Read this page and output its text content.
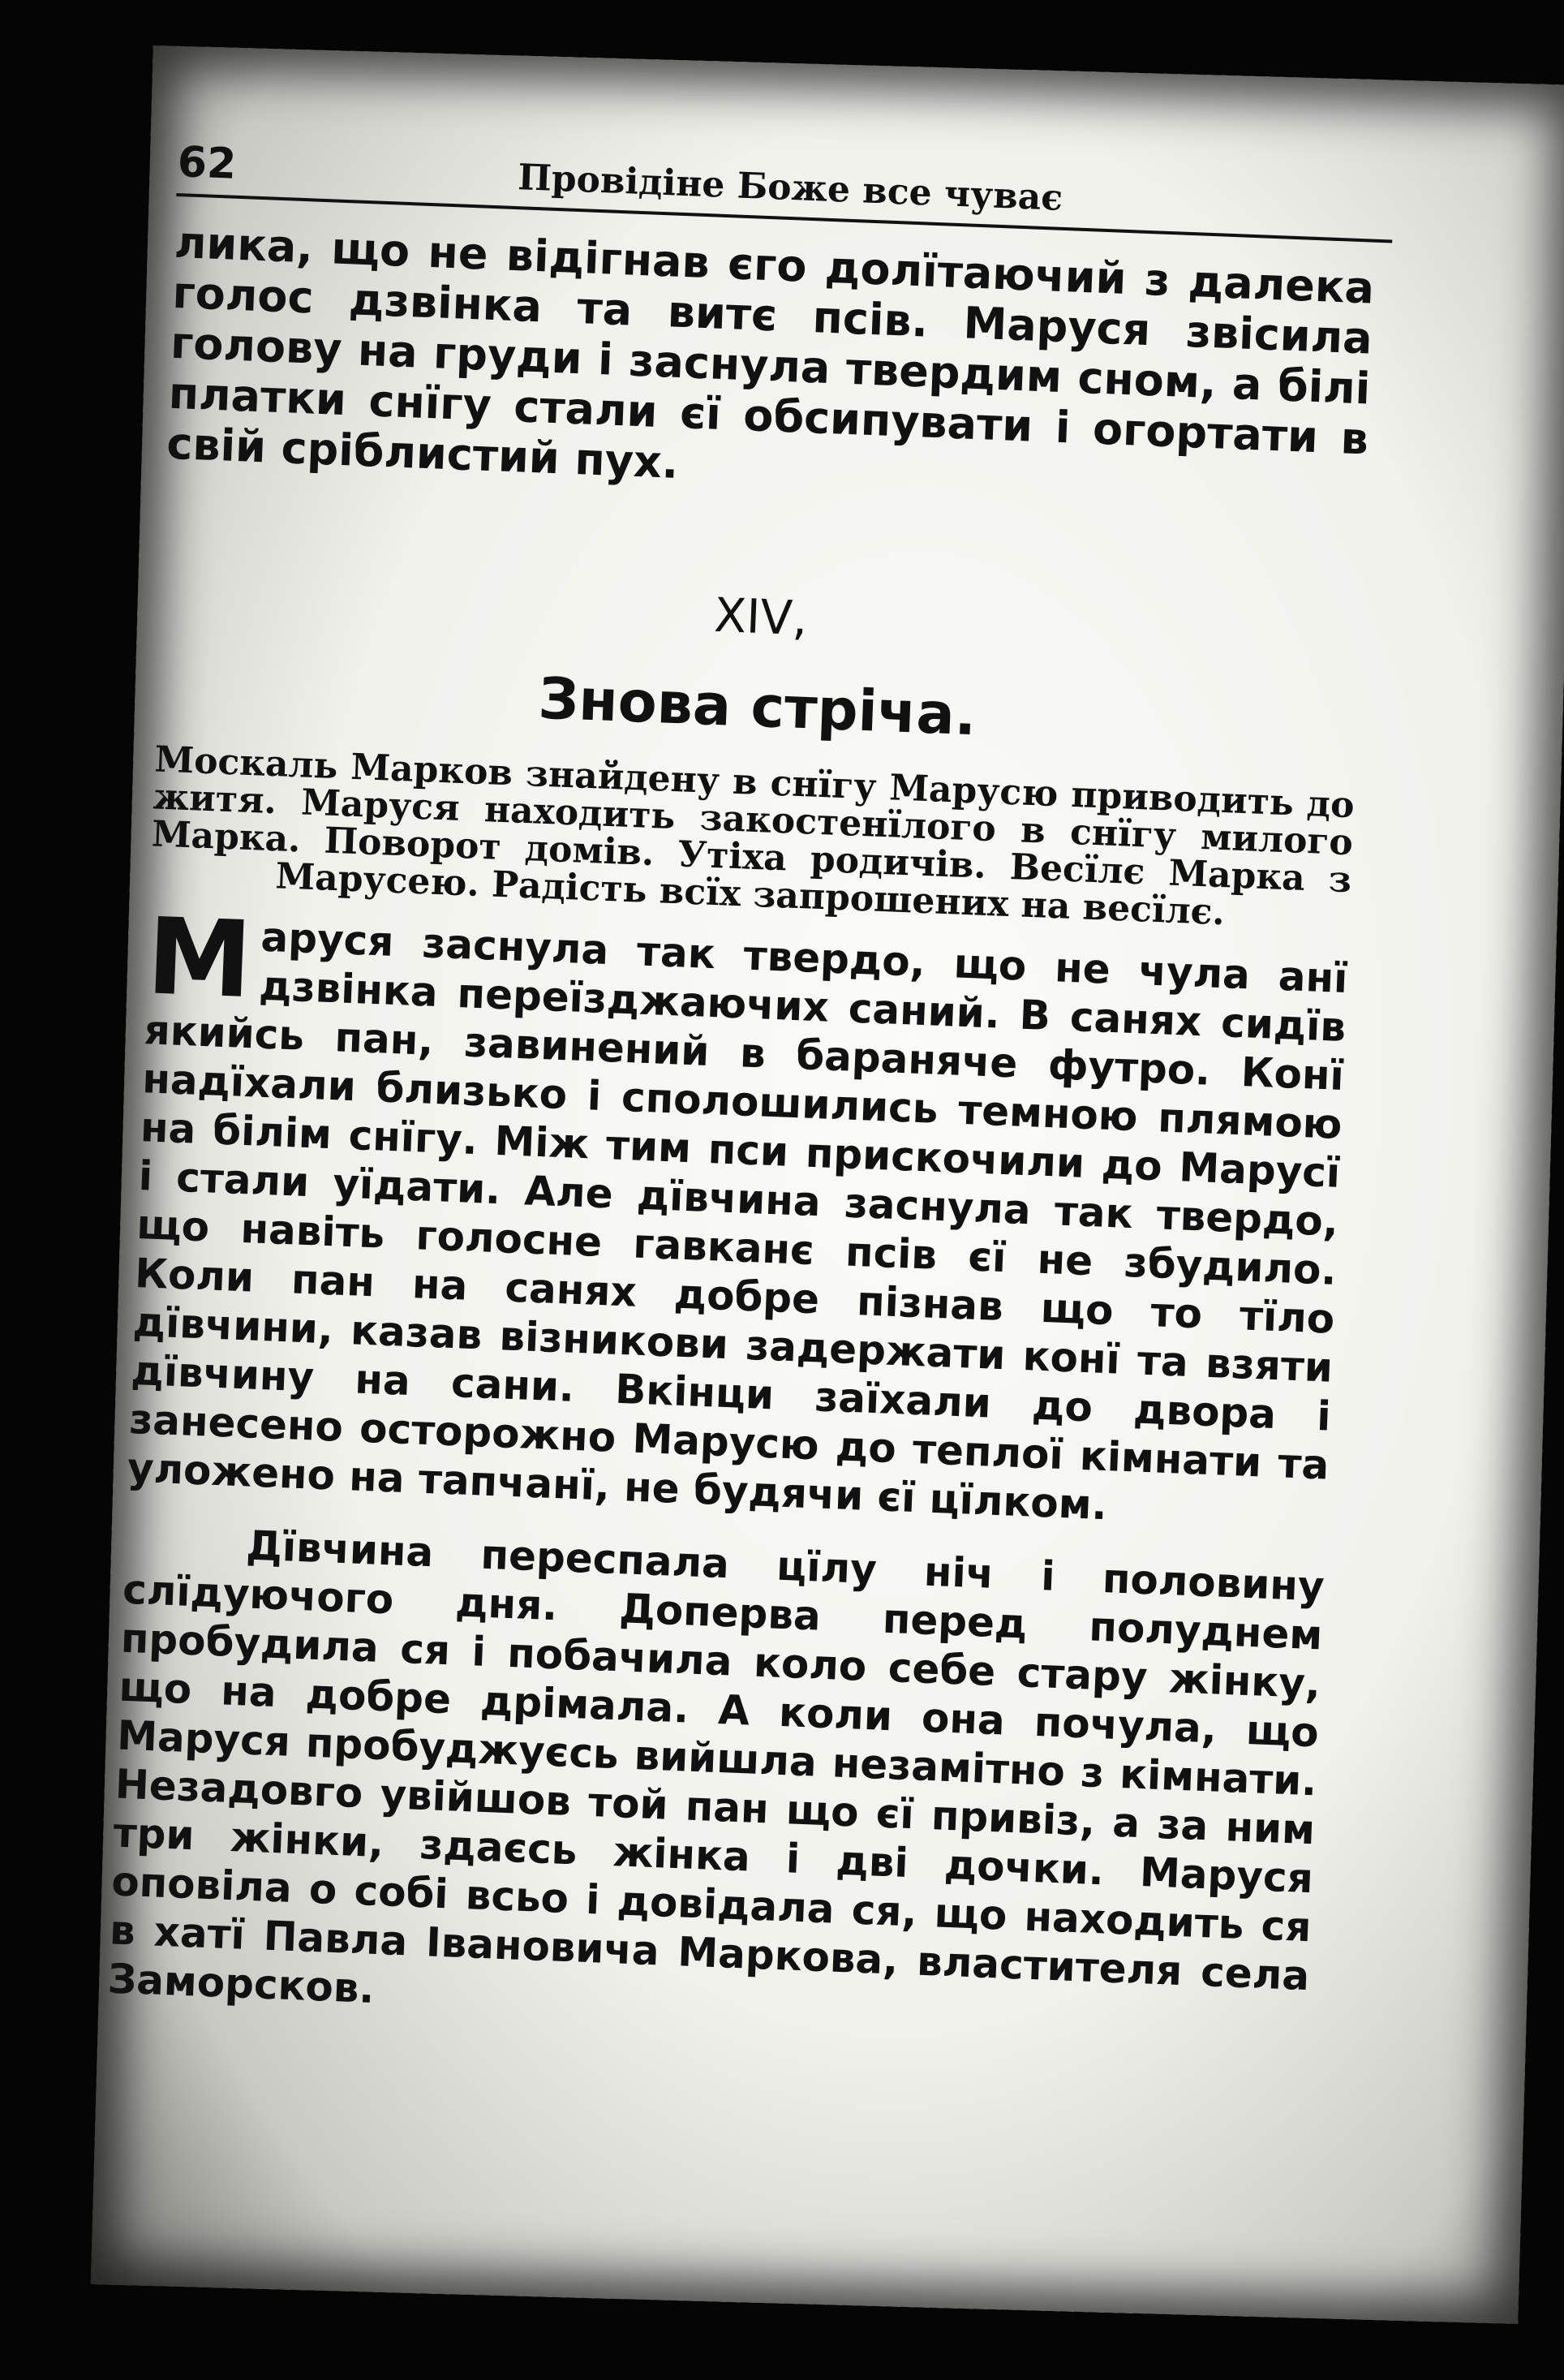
62	Провідіне Боже все чуває

лика, що не відігнав єго долїтаючий з далека голос дзвінка та витє псів. Маруся звісила голову на груди і заснула твердим сном, а білі платки снїгу стали єї обсипувати і огортати в свій сріблистий пух.

XIV,
Знова стріча.

Москаль Марков знайдену в снїгу Марусю приводить до житя. Маруся находить закостенїлого в снїгу милого Марка. Поворот домів. Утіха родичів. Весїлє Марка з Марусею. Радість всїх запрошених на весїлє.

Маруся заснула так твердо, що не чула анї дзвінка переїзджаючих саний. В санях сидїв якийсь пан, завинений в бараняче футро. Конї надїхали близько і сполошились темною плямою на білім снїгу. Між тим пси прискочили до Марусї і стали уїдати. Але дївчина заснула так твердо, що навіть голосне гавканє псів єї не збудило. Коли пан на санях добре пізнав що то тїло дївчини, казав візникови задержати конї та взяти дївчину на сани. Вкінци заїхали до двора і занесено осторожно Марусю до теплої кімнати та уложено на тапчанї, не будячи єї цїлком.

Дївчина переспала цїлу ніч і половину слїдуючого дня. Доперва перед полуднем пробудила ся і побачила коло себе стару жінку, що на добре дрімала. А коли она почула, що Маруся пробуджуєсь вийшла незамітно з кімнати. Незадовго увійшов той пан що єї привіз, а за ним три жінки, здаєсь жінка і дві дочки. Маруся оповіла о собі всьо і довідала ся, що находить ся в хатї Павла Івановича Маркова, властителя села Заморсков.
